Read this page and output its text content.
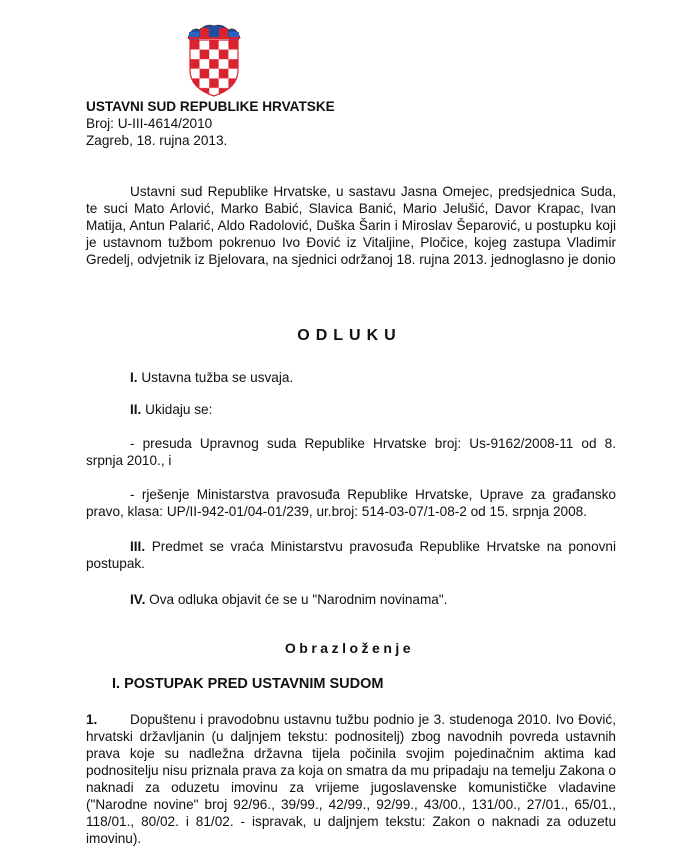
USTAVNI SUD REPUBLIKE HRVATSKE

Broj: U-III-4614/2010

Zagreb, 18. rujna 2013.

Ustavni sud Republike Hrvatske, u sastavu Jasna Omejec, predsjednica Suda, te suci Mato Arlović, Marko Babić, Slavica Banić, Mario Jelušić, Davor Krapac, Ivan Matija, Antun Palarić, Aldo Radolović, Duška Šarin i Miroslav Šeparović, u postupku koji je ustavnom tužbom pokrenuo Ivo Đović iz Vitaljine, Pločice, kojeg zastupa Vladimir Gredelj, odvjetnik iz Bjelovara, na sjednici održanoj 18. rujna 2013. jednoglasno je donio

ODLUKU

I. Ustavna tužba se usvaja.

II. Ukidaju se:

- presuda Upravnog suda Republike Hrvatske broj: Us-9162/2008-11 od 8. srpnja 2010., i

- rješenje Ministarstva pravosuđa Republike Hrvatske, Uprave za građansko pravo, klasa: UP/II-942-01/04-01/239, ur.broj: 514-03-07/1-08-2 od 15. srpnja 2008.

III. Predmet se vraća Ministarstvu pravosuđa Republike Hrvatske na ponovni postupak.

IV. Ova odluka objavit će se u "Narodnim novinama".

Obrazloženje

I. POSTUPAK PRED USTAVNIM SUDOM

1. Dopuštenu i pravodobnu ustavnu tužbu podnio je 3. studenoga 2010. Ivo Đović, hrvatski državljanin (u daljnjem tekstu: podnositelj) zbog navodnih povreda ustavnih prava koje su nadležna državna tijela počinila svojim pojedinačnim aktima kad podnositelju nisu priznala prava za koja on smatra da mu pripadaju na temelju Zakona o naknadi za oduzetu imovinu za vrijeme jugoslavenske komunističke vladavine ("Narodne novine" broj 92/96., 39/99., 42/99., 92/99., 43/00., 131/00., 27/01., 65/01., 118/01., 80/02. i 81/02. - ispravak, u daljnjem tekstu: Zakon o naknadi za oduzetu imovinu).
